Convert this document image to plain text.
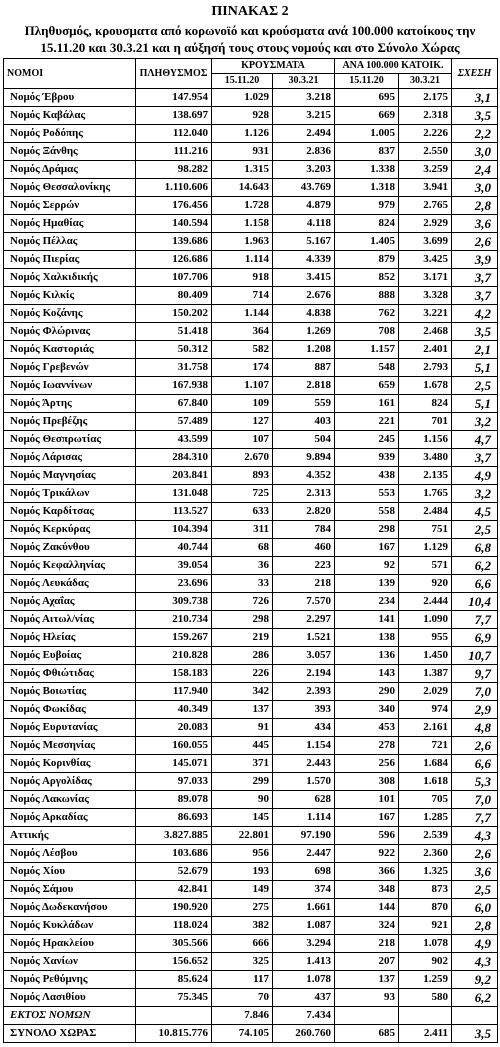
ΠΙΝΑΚΑΣ 2
Πληθυσμός, κρουσματα από κορωνοϊό και κρούσματα ανά 100.000 κατοίκους την
15.11.20 και 30.3.21 και η αύξησή τους στους νομούς και στο Σύνολο Χώρας
ΝΟΜΟΙ	ΠΛΗΘΥΣΜΟΣ	ΚΡΟΥΣΜΑΤΑ		ΑΝΑ 100.000 ΚΑΤΟΙΚ.		ΣΧΕΣΗ
		15.11.20	30.3.21	15.11.20	30.3.21	
Νομός Έβρου	147.954	1.029	3.218	695	2.175	3,1
Νομός Καβάλας	138.697	928	3.215	669	2.318	3,5
Νομός Ροδόπης	112.040	1.126	2.494	1.005	2.226	2,2
Νομός Ξάνθης	111.216	931	2.836	837	2.550	3,0
Νομός Δράμας	98.282	1.315	3.203	1.338	3.259	2,4
Νομός Θεσσαλονίκης	1.110.606	14.643	43.769	1.318	3.941	3,0
Νομός Σερρών	176.456	1.728	4.879	979	2.765	2,8
Νομός Ημαθίας	140.594	1.158	4.118	824	2.929	3,6
Νομός Πέλλας	139.686	1.963	5.167	1.405	3.699	2,6
Νομός Πιερίας	126.686	1.114	4.339	879	3.425	3,9
Νομός Χαλκιδικής	107.706	918	3.415	852	3.171	3,7
Νομός Κιλκίς	80.409	714	2.676	888	3.328	3,7
Νομός Κοζάνης	150.202	1.144	4.838	762	3.221	4,2
Νομός Φλώρινας	51.418	364	1.269	708	2.468	3,5
Νομός Καστοριάς	50.312	582	1.208	1.157	2.401	2,1
Νομός Γρεβενών	31.758	174	887	548	2.793	5,1
Νομός Ιωαννίνων	167.938	1.107	2.818	659	1.678	2,5
Νομός Άρτης	67.840	109	559	161	824	5,1
Νομός Πρεβέζης	57.489	127	403	221	701	3,2
Νομός Θεσπρωτίας	43.599	107	504	245	1.156	4,7
Νομός Λάρισας	284.310	2.670	9.894	939	3.480	3,7
Νομός Μαγνησίας	203.841	893	4.352	438	2.135	4,9
Νομός Τρικάλων	131.048	725	2.313	553	1.765	3,2
Νομός Καρδίτσας	113.527	633	2.820	558	2.484	4,5
Νομός Κερκύρας	104.394	311	784	298	751	2,5
Νομός Ζακύνθου	40.744	68	460	167	1.129	6,8
Νομός Κεφαλληνίας	39.054	36	223	92	571	6,2
Νομός Λευκάδας	23.696	33	218	139	920	6,6
Νομός Αχαΐας	309.738	726	7.570	234	2.444	10,4
Νομός Αιτωλ/νίας	210.734	298	2.297	141	1.090	7,7
Νομός Ηλείας	159.267	219	1.521	138	955	6,9
Νομός Ευβοίας	210.828	286	3.057	136	1.450	10,7
Νομός Φθιώτιδας	158.183	226	2.194	143	1.387	9,7
Νομός Βοιωτίας	117.940	342	2.393	290	2.029	7,0
Νομός Φωκίδας	40.349	137	393	340	974	2,9
Νομός Ευρυτανίας	20.083	91	434	453	2.161	4,8
Νομός Μεσσηνίας	160.055	445	1.154	278	721	2,6
Νομός Κορινθίας	145.071	371	2.443	256	1.684	6,6
Νομός Αργολίδας	97.033	299	1.570	308	1.618	5,3
Νομός Λακωνίας	89.078	90	628	101	705	7,0
Νομός Αρκαδίας	86.693	145	1.114	167	1.285	7,7
Αττικής	3.827.885	22.801	97.190	596	2.539	4,3
Νομός Λέσβου	103.686	956	2.447	922	2.360	2,6
Νομός Χίου	52.679	193	698	366	1.325	3,6
Νομός Σάμου	42.841	149	374	348	873	2,5
Νομός Δωδεκανήσου	190.920	275	1.661	144	870	6,0
Νομός Κυκλάδων	118.024	382	1.087	324	921	2,8
Νομός Ηρακλείου	305.566	666	3.294	218	1.078	4,9
Νομός Χανίων	156.652	325	1.413	207	902	4,3
Νομός Ρεθύμνης	85.624	117	1.078	137	1.259	9,2
Νομός Λασιθίου	75.345	70	437	93	580	6,2
ΕΚΤΟΣ ΝΟΜΩΝ		7.846	7.434			
ΣΥΝΟΛΟ ΧΩΡΑΣ	10.815.776	74.105	260.760	685	2.411	3,5
